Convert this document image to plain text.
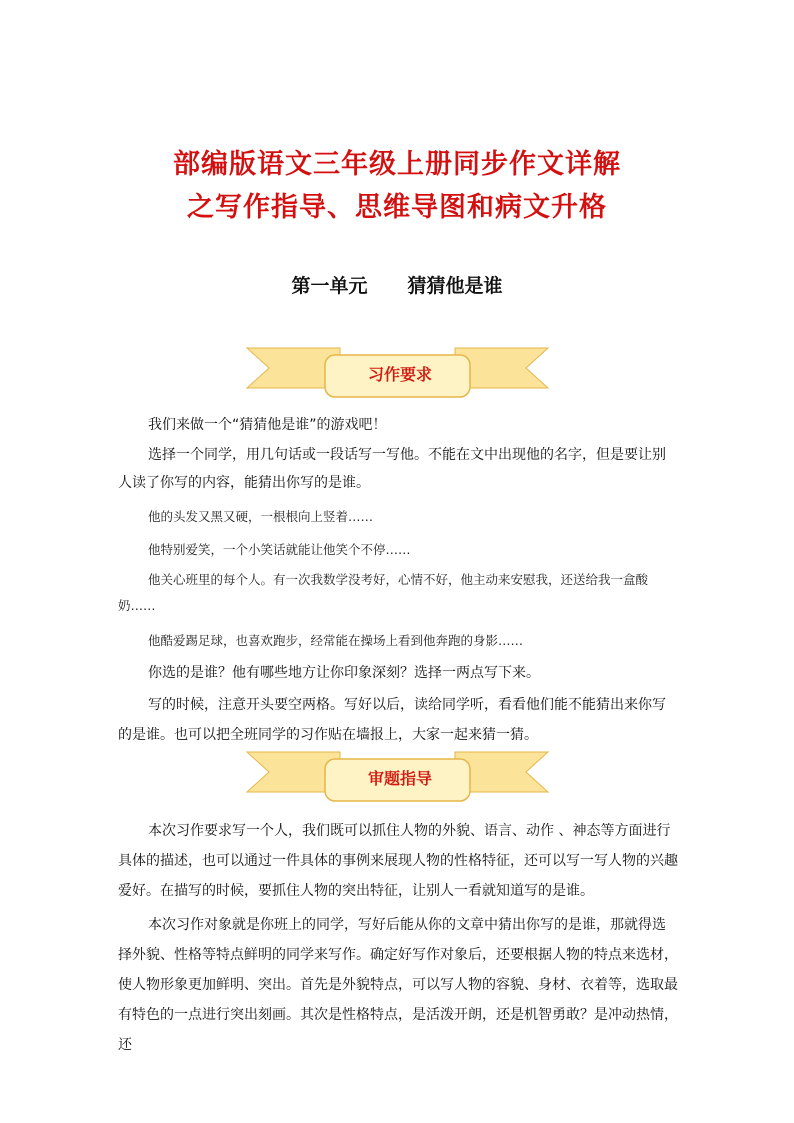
部编版语文三年级上册同步作文详解
之写作指导、思维导图和病文升格
第一单元 猜猜他是谁
习作要求

我们来做一个“猜猜他是谁”的游戏吧！

选择一个同学，用几句话或一段话写一写他。不能在文中出现他的名字，但是要让别人读了你写的内容，能猜出你写的是谁。

他的头发又黑又硬，一根根向上竖着……

他特别爱笑，一个小笑话就能让他笑个不停……

他关心班里的每个人。有一次我数学没考好，心情不好，他主动来安慰我，还送给我一盒酸奶……

他酷爱踢足球，也喜欢跑步，经常能在操场上看到他奔跑的身影……

你选的是谁？他有哪些地方让你印象深刻？选择一两点写下来。

写的时候，注意开头要空两格。写好以后，读给同学听，看看他们能不能猜出来你写的是谁。也可以把全班同学的习作贴在墙报上，大家一起来猜一猜。

审题指导

本次习作要求写一个人，我们既可以抓住人物的外貌、语言、动作 、神态等方面进行具体的描述，也可以通过一件具体的事例来展现人物的性格特征，还可以写一写人物的兴趣爱好。在描写的时候，要抓住人物的突出特征，让别人一看就知道写的是谁。

本次习作对象就是你班上的同学，写好后能从你的文章中猜出你写的是谁，那就得选择外貌、性格等特点鲜明的同学来写作。确定好写作对象后，还要根据人物的特点来选材，使人物形象更加鲜明、突出。首先是外貌特点，可以写人物的容貌、身材、衣着等，选取最有特色的一点进行突出刻画。其次是性格特点，是活泼开朗，还是机智勇敢？是冲动热情，还
